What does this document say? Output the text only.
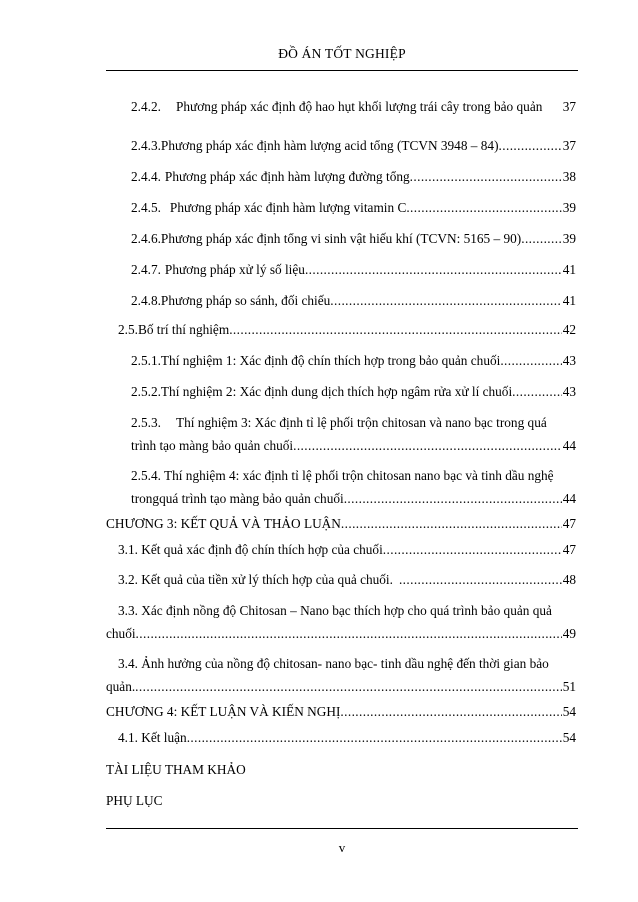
ĐỒ ÁN TỐT NGHIỆP
2.4.2.	Phương pháp xác định độ hao hụt khối lượng trái cây trong bảo quản 37
2.4.3. Phương pháp xác định hàm lượng acid tổng (TCVN 3948 – 84) .....	37
2.4.4. Phương pháp xác định hàm lượng đường tổng .....	38
2.4.5. Phương pháp xác định hàm lượng vitamin C .....	39
2.4.6. Phương pháp xác định tổng vi sinh vật hiếu khí (TCVN: 5165 – 90) .....	39
2.4.7. Phương pháp xử lý số liệu .....	41
2.4.8. Phương pháp so sánh, đối chiếu .....	41
2.5. Bố trí thí nghiệm .....	42
2.5.1. Thí nghiệm 1: Xác định độ chín thích hợp trong bảo quản chuối .....	43
2.5.2. Thí nghiệm 2: Xác định dung dịch thích hợp ngâm rửa xử lí chuối .....	43
2.5.3.	Thí nghiệm 3: Xác định tỉ lệ phối trộn chitosan và nano bạc trong quá
trình tạo màng bảo quản chuối .....	44
2.5.4. Thí nghiệm 4: xác định tỉ lệ phối trộn chitosan nano bạc và tinh dầu nghệ
trongquá trình tạo màng bảo quản chuối .....	44
CHƯƠNG 3: KẾT QUẢ VÀ THẢO LUẬN .....	47
3.1. Kết quả xác định độ chín thích hợp của chuối .....	47
3.2. Kết quả của tiền xử lý thích hợp của quả chuối. .....	48
3.3. Xác định nồng độ Chitosan – Nano bạc thích hợp cho quá trình bảo quản quả
chuối .....	49
3.4. Ảnh hưởng của nồng độ chitosan- nano bạc- tinh dầu nghệ đến thời gian bảo
quản. .....	51
CHƯƠNG 4: KẾT LUẬN VÀ KIẾN NGHỊ .....	54
4.1. Kết luận .....	54
TÀI LIỆU THAM KHẢO
PHỤ LỤC
v
